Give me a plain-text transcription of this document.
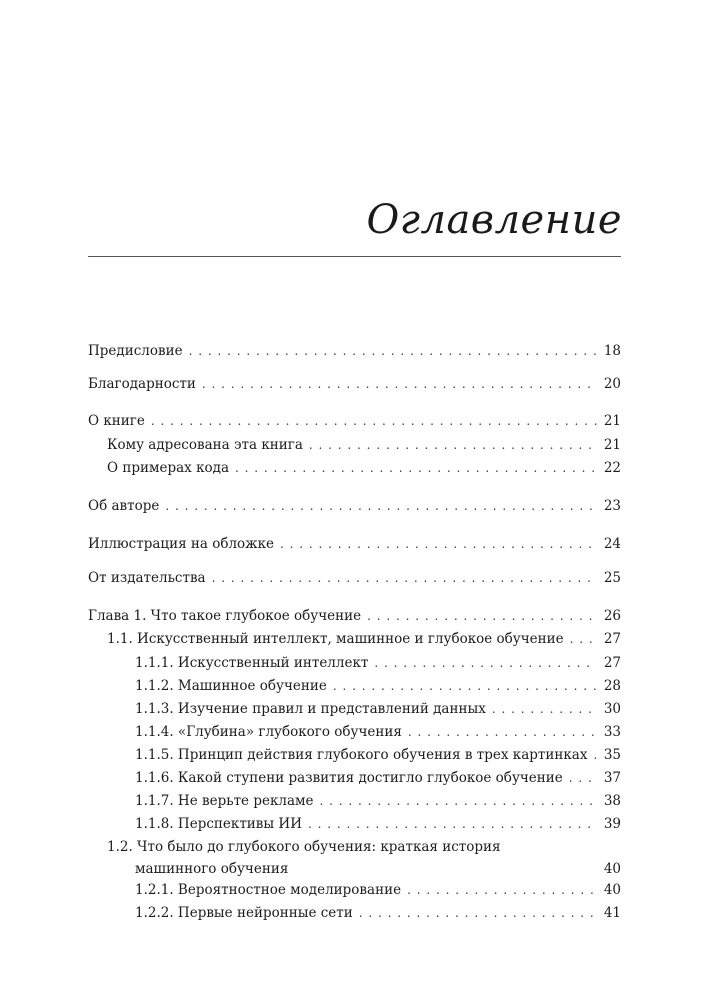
Оглавление
Предисловие . . .	18
Благодарности . . .	20
О книге . . .	21
Кому адресована эта книга . . .	21
О примерах кода . . .	22
Об авторе . . .	23
Иллюстрация на обложке . . .	24
От издательства . . .	25
Глава 1. Что такое глубокое обучение . . .	26
1.1. Искусственный интеллект, машинное и глубокое обучение . . .	27
1.1.1. Искусственный интеллект . . .	27
1.1.2. Машинное обучение . . .	28
1.1.3. Изучение правил и представлений данных . . .	30
1.1.4. «Глубина» глубокого обучения . . .	33
1.1.5. Принцип действия глубокого обучения в трех картинках . . . 35
1.1.6. Какой ступени развития достигло глубокое обучение . . .	37
1.1.7. Не верьте рекламе . . .	38
1.1.8. Перспективы ИИ . . .	39
1.2. Что было до глубокого обучения: краткая история
машинного обучения	40
1.2.1. Вероятностное моделирование . . .	40
1.2.2. Первые нейронные сети . . .	41
